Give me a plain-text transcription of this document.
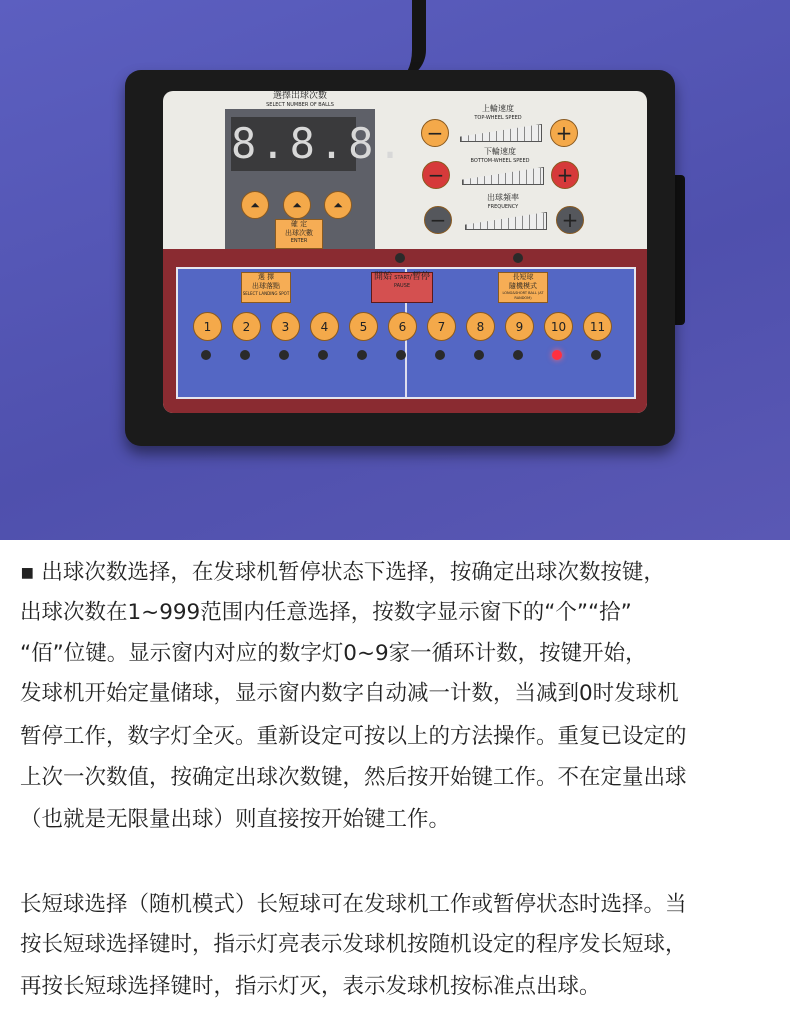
選擇出球次數
SELECT NUMBER OF BALLS
8.8.8.
⏶	⏶	⏶
確 定
出球次數
ENTER
上輪速度
TOP-WHEEL SPEED
−	+
下輪速度
BOTTOM-WHEEL SPEED
−	+
出球頻率
FREQUENCY
−	+
選 擇
出球落點
SELECT LANDING SPOT
開始 START/暫停
PAUSE
長短球
隨機模式
LONG&SHORT BALL (AT RANDOM)
1	2	3	4	5	6	7	8	9 10 11
▪ 出球次数选择，在发球机暂停状态下选择，按确定出球次数按键，
出球次数在1~999范围内任意选择，按数字显示窗下的“个”“拾”
“佰”位键。显示窗内对应的数字灯0~9家一循环计数，按键开始，
发球机开始定量储球，显示窗内数字自动减一计数，当减到0时发球机
暂停工作，数字灯全灭。重新设定可按以上的方法操作。重复已设定的
上次一次数值，按确定出球次数键，然后按开始键工作。不在定量出球
（也就是无限量出球）则直接按开始键工作。
长短球选择（随机模式）长短球可在发球机工作或暂停状态时选择。当
按长短球选择键时，指示灯亮表示发球机按随机设定的程序发长短球，
再按长短球选择键时，指示灯灭，表示发球机按标准点出球。
